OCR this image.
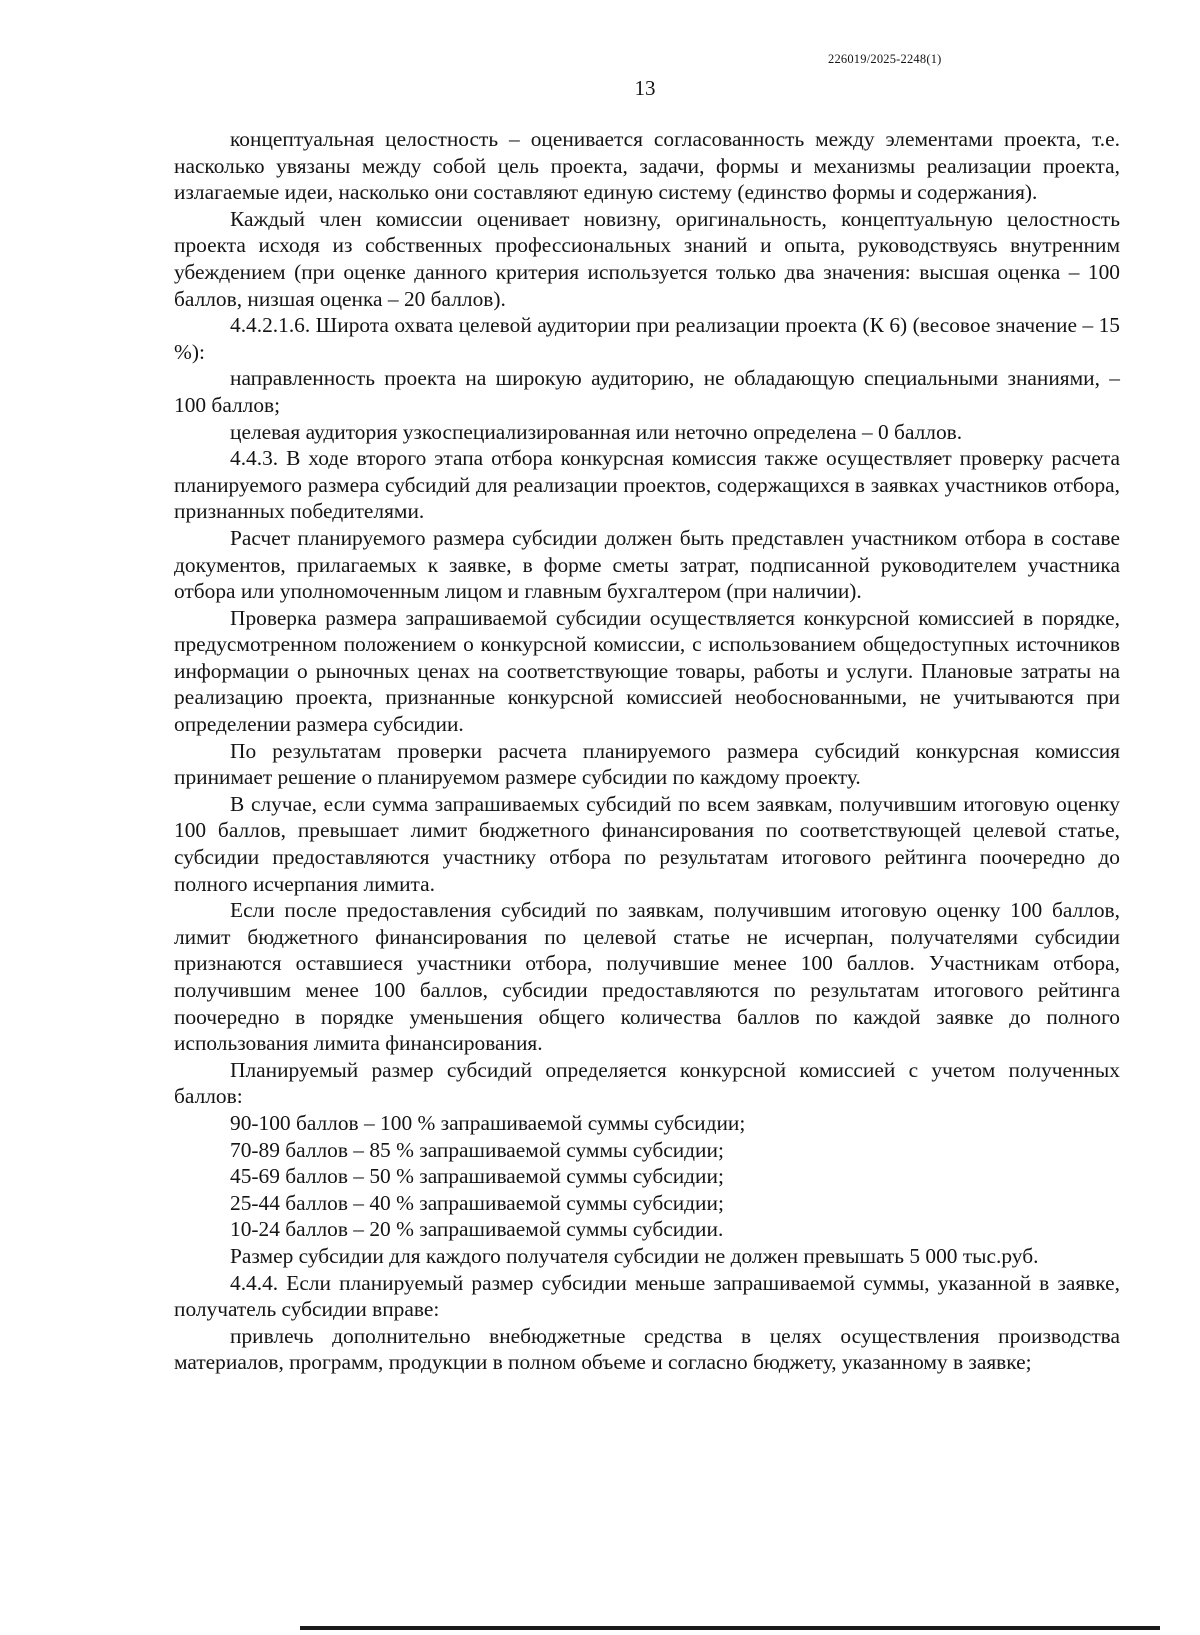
226019/2025-2248(1)
13

концептуальная целостность – оценивается согласованность между элементами проекта, т.е. насколько увязаны между собой цель проекта, задачи, формы и механизмы реализации проекта, излагаемые идеи, насколько они составляют единую систему (единство формы и содержания).

Каждый член комиссии оценивает новизну, оригинальность, концептуальную целостность проекта исходя из собственных профессиональных знаний и опыта, руководствуясь внутренним убеждением (при оценке данного критерия используется только два значения: высшая оценка – 100 баллов, низшая оценка – 20 баллов).

4.4.2.1.6. Широта охвата целевой аудитории при реализации проекта (К 6) (весовое значение – 15 %):

направленность проекта на широкую аудиторию, не обладающую специальными знаниями, – 100 баллов;

целевая аудитория узкоспециализированная или неточно определена – 0 баллов.

4.4.3. В ходе второго этапа отбора конкурсная комиссия также осуществляет проверку расчета планируемого размера субсидий для реализации проектов, содержащихся в заявках участников отбора, признанных победителями.

Расчет планируемого размера субсидии должен быть представлен участником отбора в составе документов, прилагаемых к заявке, в форме сметы затрат, подписанной руководителем участника отбора или уполномоченным лицом и главным бухгалтером (при наличии).

Проверка размера запрашиваемой субсидии осуществляется конкурсной комиссией в порядке, предусмотренном положением о конкурсной комиссии, с использованием общедоступных источников информации о рыночных ценах на соответствующие товары, работы и услуги. Плановые затраты на реализацию проекта, признанные конкурсной комиссией необоснованными, не учитываются при определении размера субсидии.

По результатам проверки расчета планируемого размера субсидий конкурсная комиссия принимает решение о планируемом размере субсидии по каждому проекту.

В случае, если сумма запрашиваемых субсидий по всем заявкам, получившим итоговую оценку 100 баллов, превышает лимит бюджетного финансирования по соответствующей целевой статье, субсидии предоставляются участнику отбора по результатам итогового рейтинга поочередно до полного исчерпания лимита.

Если после предоставления субсидий по заявкам, получившим итоговую оценку 100 баллов, лимит бюджетного финансирования по целевой статье не исчерпан, получателями субсидии признаются оставшиеся участники отбора, получившие менее 100 баллов. Участникам отбора, получившим менее 100 баллов, субсидии предоставляются по результатам итогового рейтинга поочередно в порядке уменьшения общего количества баллов по каждой заявке до полного использования лимита финансирования.

Планируемый размер субсидий определяется конкурсной комиссией с учетом полученных баллов:

90-100 баллов – 100 % запрашиваемой суммы субсидии;

70-89 баллов – 85 % запрашиваемой суммы субсидии;

45-69 баллов – 50 % запрашиваемой суммы субсидии;

25-44 баллов – 40 % запрашиваемой суммы субсидии;

10-24 баллов – 20 % запрашиваемой суммы субсидии.

Размер субсидии для каждого получателя субсидии не должен превышать 5 000 тыс.руб.

4.4.4. Если планируемый размер субсидии меньше запрашиваемой суммы, указанной в заявке, получатель субсидии вправе:

привлечь дополнительно внебюджетные средства в целях осуществления производства материалов, программ, продукции в полном объеме и согласно бюджету, указанному в заявке;
